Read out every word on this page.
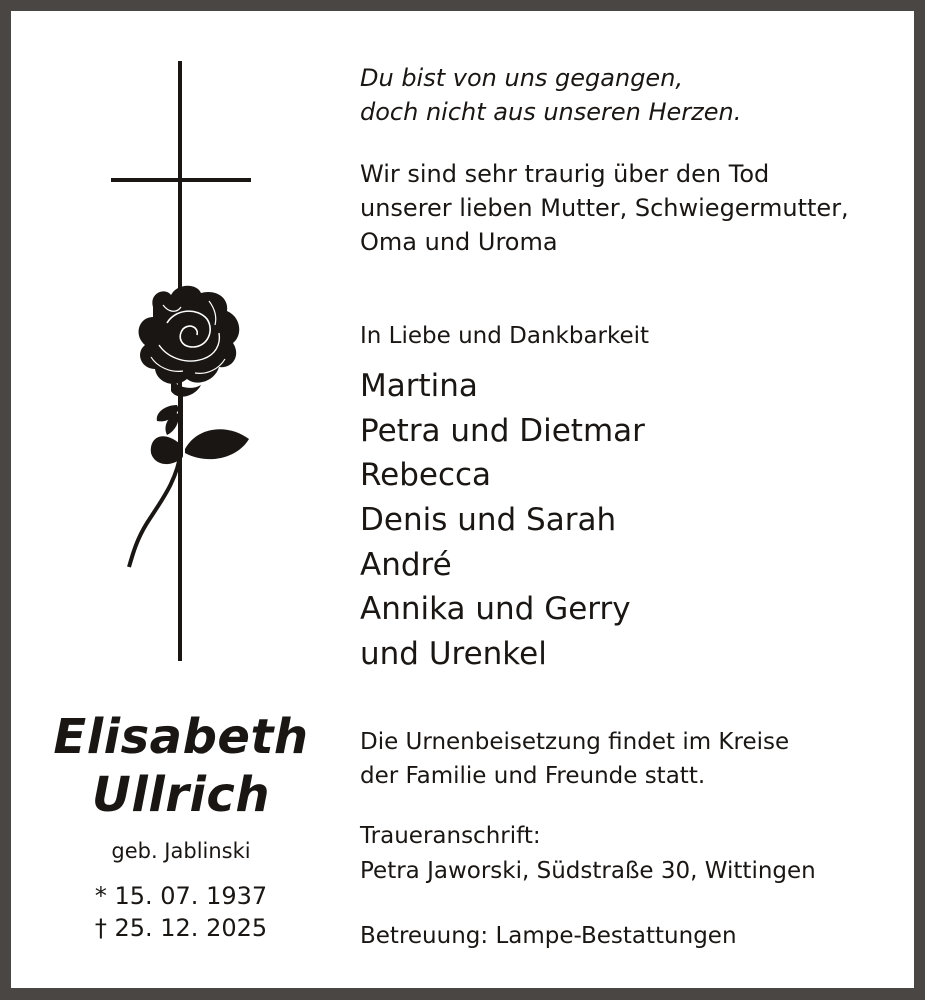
Du bist von uns gegangen,
doch nicht aus unseren Herzen.
Wir sind sehr traurig über den Tod
unserer lieben Mutter, Schwiegermutter,
Oma und Uroma
In Liebe und Dankbarkeit
Martina
Petra und Dietmar
Rebecca
Denis und Sarah
André
Annika und Gerry
und Urenkel
Elisabeth
Ullrich
geb. Jablinski
* 15. 07. 1937
† 25. 12. 2025
Die Urnenbeisetzung findet im Kreise
der Familie und Freunde statt.
Traueranschrift:
Petra Jaworski, Südstraße 30, Wittingen
Betreuung: Lampe-Bestattungen
